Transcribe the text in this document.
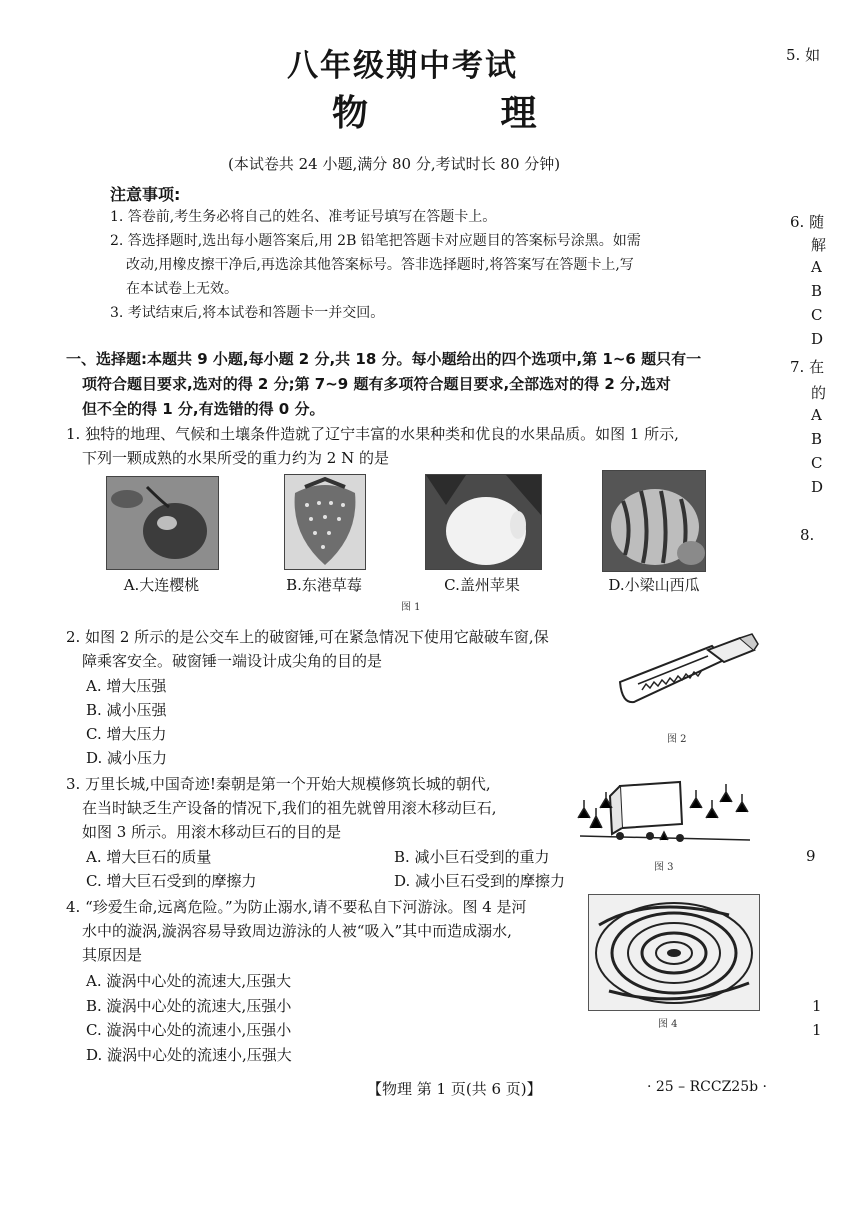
八年级期中考试
物 理
(本试卷共 24 小题,满分 80 分,考试时长 80 分钟)
注意事项:
1. 答卷前,考生务必将自己的姓名、准考证号填写在答题卡上。
2. 答选择题时,选出每小题答案后,用 2B 铅笔把答题卡对应题目的答案标号涂黑。如需
改动,用橡皮擦干净后,再选涂其他答案标号。答非选择题时,将答案写在答题卡上,写
在本试卷上无效。
3. 考试结束后,将本试卷和答题卡一并交回。
一、选择题:本题共 9 小题,每小题 2 分,共 18 分。每小题给出的四个选项中,第 1~6 题只有一
项符合题目要求,选对的得 2 分;第 7~9 题有多项符合题目要求,全部选对的得 2 分,选对
但不全的得 1 分,有选错的得 0 分。
1. 独特的地理、气候和土壤条件造就了辽宁丰富的水果种类和优良的水果品质。如图 1 所示,
下列一颗成熟的水果所受的重力约为 2 N 的是
A.大连樱桃	B.东港草莓	C.盖州苹果	D.小梁山西瓜
图 1
2. 如图 2 所示的是公交车上的破窗锤,可在紧急情况下使用它敲破车窗,保
障乘客安全。破窗锤一端设计成尖角的目的是
A. 增大压强
B. 减小压强
C. 增大压力
D. 减小压力
图 2
3. 万里长城,中国奇迹!秦朝是第一个开始大规模修筑长城的朝代,
在当时缺乏生产设备的情况下,我们的祖先就曾用滚木移动巨石,
如图 3 所示。用滚木移动巨石的目的是
A. 增大巨石的质量	B. 减小巨石受到的重力
C. 增大巨石受到的摩擦力	D. 减小巨石受到的摩擦力
图 3
4. “珍爱生命,远离危险。”为防止溺水,请不要私自下河游泳。图 4 是河
水中的漩涡,漩涡容易导致周边游泳的人被“吸入”其中而造成溺水,
其原因是
A. 漩涡中心处的流速大,压强大
B. 漩涡中心处的流速大,压强小
C. 漩涡中心处的流速小,压强小
D. 漩涡中心处的流速小,压强大
图 4
【物理 第 1 页(共 6 页)】	· 25 – RCCZ25b ·
5. 如
6. 随
解
A
B
C
D
7. 在
的
A
B
C
D
8.
9
1
1
